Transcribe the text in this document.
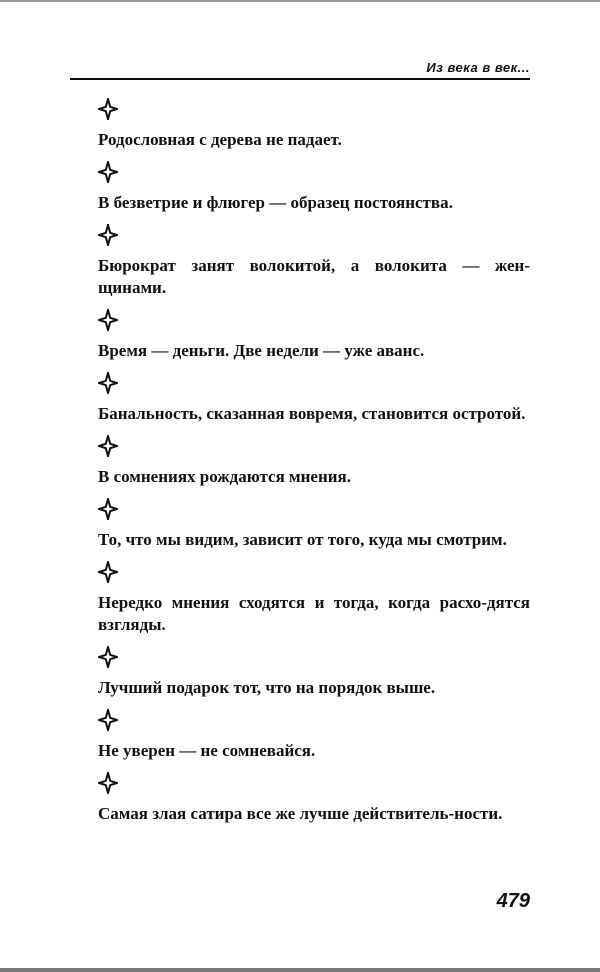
Из века в век...

Родословная с дерева не падает.

В безветрие и флюгер — образец постоянства.

Бюрократ занят волокитой, а волокита — жен-щинами.

Время — деньги. Две недели — уже аванс.

Банальность, сказанная вовремя, становится остротой.

В сомнениях рождаются мнения.

То, что мы видим, зависит от того, куда мы смотрим.

Нередко мнения сходятся и тогда, когда расхо-дятся взгляды.

Лучший подарок тот, что на порядок выше.

Не уверен — не сомневайся.

Самая злая сатира все же лучше действитель-ности.

479
